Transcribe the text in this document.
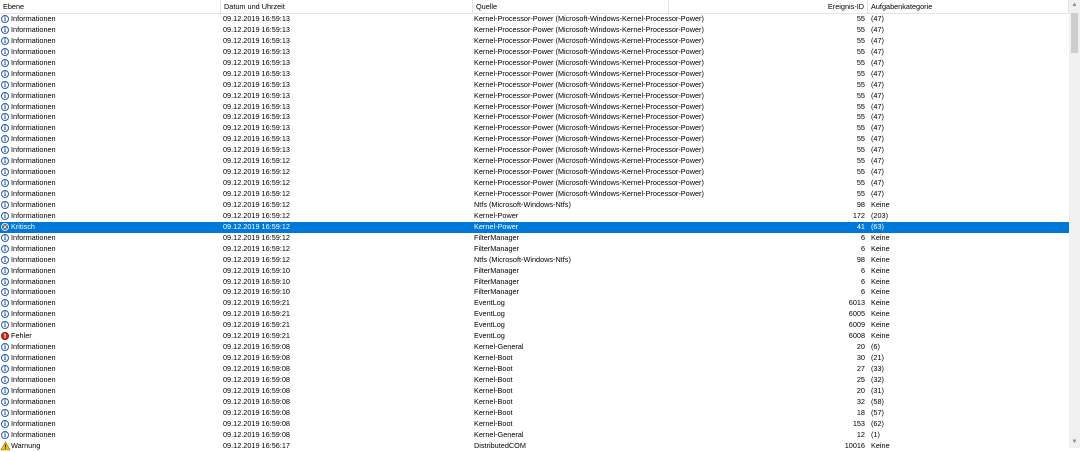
Ebene	Datum und Uhrzeit	Quelle	Ereignis-ID Aufgabenkategorie
i Informationen	09.12.2019 16:59:13	Kernel-Processor-Power (Microsoft-Windows-Kernel-Processor-Power)	55 (47)
i Informationen	09.12.2019 16:59:13	Kernel-Processor-Power (Microsoft-Windows-Kernel-Processor-Power)	55 (47)
i Informationen	09.12.2019 16:59:13	Kernel-Processor-Power (Microsoft-Windows-Kernel-Processor-Power)	55 (47)
i Informationen	09.12.2019 16:59:13	Kernel-Processor-Power (Microsoft-Windows-Kernel-Processor-Power)	55 (47)
i Informationen	09.12.2019 16:59:13	Kernel-Processor-Power (Microsoft-Windows-Kernel-Processor-Power)	55 (47)
i Informationen	09.12.2019 16:59:13	Kernel-Processor-Power (Microsoft-Windows-Kernel-Processor-Power)	55 (47)
i Informationen	09.12.2019 16:59:13	Kernel-Processor-Power (Microsoft-Windows-Kernel-Processor-Power)	55 (47)
i Informationen	09.12.2019 16:59:13	Kernel-Processor-Power (Microsoft-Windows-Kernel-Processor-Power)	55 (47)
i Informationen	09.12.2019 16:59:13	Kernel-Processor-Power (Microsoft-Windows-Kernel-Processor-Power)	55 (47)
i Informationen	09.12.2019 16:59:13	Kernel-Processor-Power (Microsoft-Windows-Kernel-Processor-Power)	55 (47)
i Informationen	09.12.2019 16:59:13	Kernel-Processor-Power (Microsoft-Windows-Kernel-Processor-Power)	55 (47)
i Informationen	09.12.2019 16:59:13	Kernel-Processor-Power (Microsoft-Windows-Kernel-Processor-Power)	55 (47)
i Informationen	09.12.2019 16:59:13	Kernel-Processor-Power (Microsoft-Windows-Kernel-Processor-Power)	55 (47)
i Informationen	09.12.2019 16:59:12	Kernel-Processor-Power (Microsoft-Windows-Kernel-Processor-Power)	55 (47)
i Informationen	09.12.2019 16:59:12	Kernel-Processor-Power (Microsoft-Windows-Kernel-Processor-Power)	55 (47)
i Informationen	09.12.2019 16:59:12	Kernel-Processor-Power (Microsoft-Windows-Kernel-Processor-Power)	55 (47)
i Informationen	09.12.2019 16:59:12	Kernel-Processor-Power (Microsoft-Windows-Kernel-Processor-Power)	55 (47)
i Informationen	09.12.2019 16:59:12	Ntfs (Microsoft-Windows-Ntfs)	98 Keine
i Informationen	09.12.2019 16:59:12	Kernel-Power	172 (203)
× Kritisch	09.12.2019 16:59:12	Kernel-Power	41 (63)
i Informationen	09.12.2019 16:59:12	FilterManager	6 Keine
i Informationen	09.12.2019 16:59:12	FilterManager	6 Keine
i Informationen	09.12.2019 16:59:12	Ntfs (Microsoft-Windows-Ntfs)	98 Keine
i Informationen	09.12.2019 16:59:10	FilterManager	6 Keine
i Informationen	09.12.2019 16:59:10	FilterManager	6 Keine
i Informationen	09.12.2019 16:59:10	FilterManager	6 Keine
i Informationen	09.12.2019 16:59:21	EventLog	6013 Keine
i Informationen	09.12.2019 16:59:21	EventLog	6005 Keine
i Informationen	09.12.2019 16:59:21	EventLog	6009 Keine
! Fehler	09.12.2019 16:59:21	EventLog	6008 Keine
i Informationen	09.12.2019 16:59:08	Kernel-General	20 (6)
i Informationen	09.12.2019 16:59:08	Kernel-Boot	30 (21)
i Informationen	09.12.2019 16:59:08	Kernel-Boot	27 (33)
i Informationen	09.12.2019 16:59:08	Kernel-Boot	25 (32)
i Informationen	09.12.2019 16:59:08	Kernel-Boot	20 (31)
i Informationen	09.12.2019 16:59:08	Kernel-Boot	32 (58)
i Informationen	09.12.2019 16:59:08	Kernel-Boot	18 (57)
i Informationen	09.12.2019 16:59:08	Kernel-Boot	153 (62)
i Informationen	09.12.2019 16:59:08	Kernel-General	12 (1)
Warnung	09.12.2019 16:56:17	DistributedCOM	10016 Keine
▲
▼
